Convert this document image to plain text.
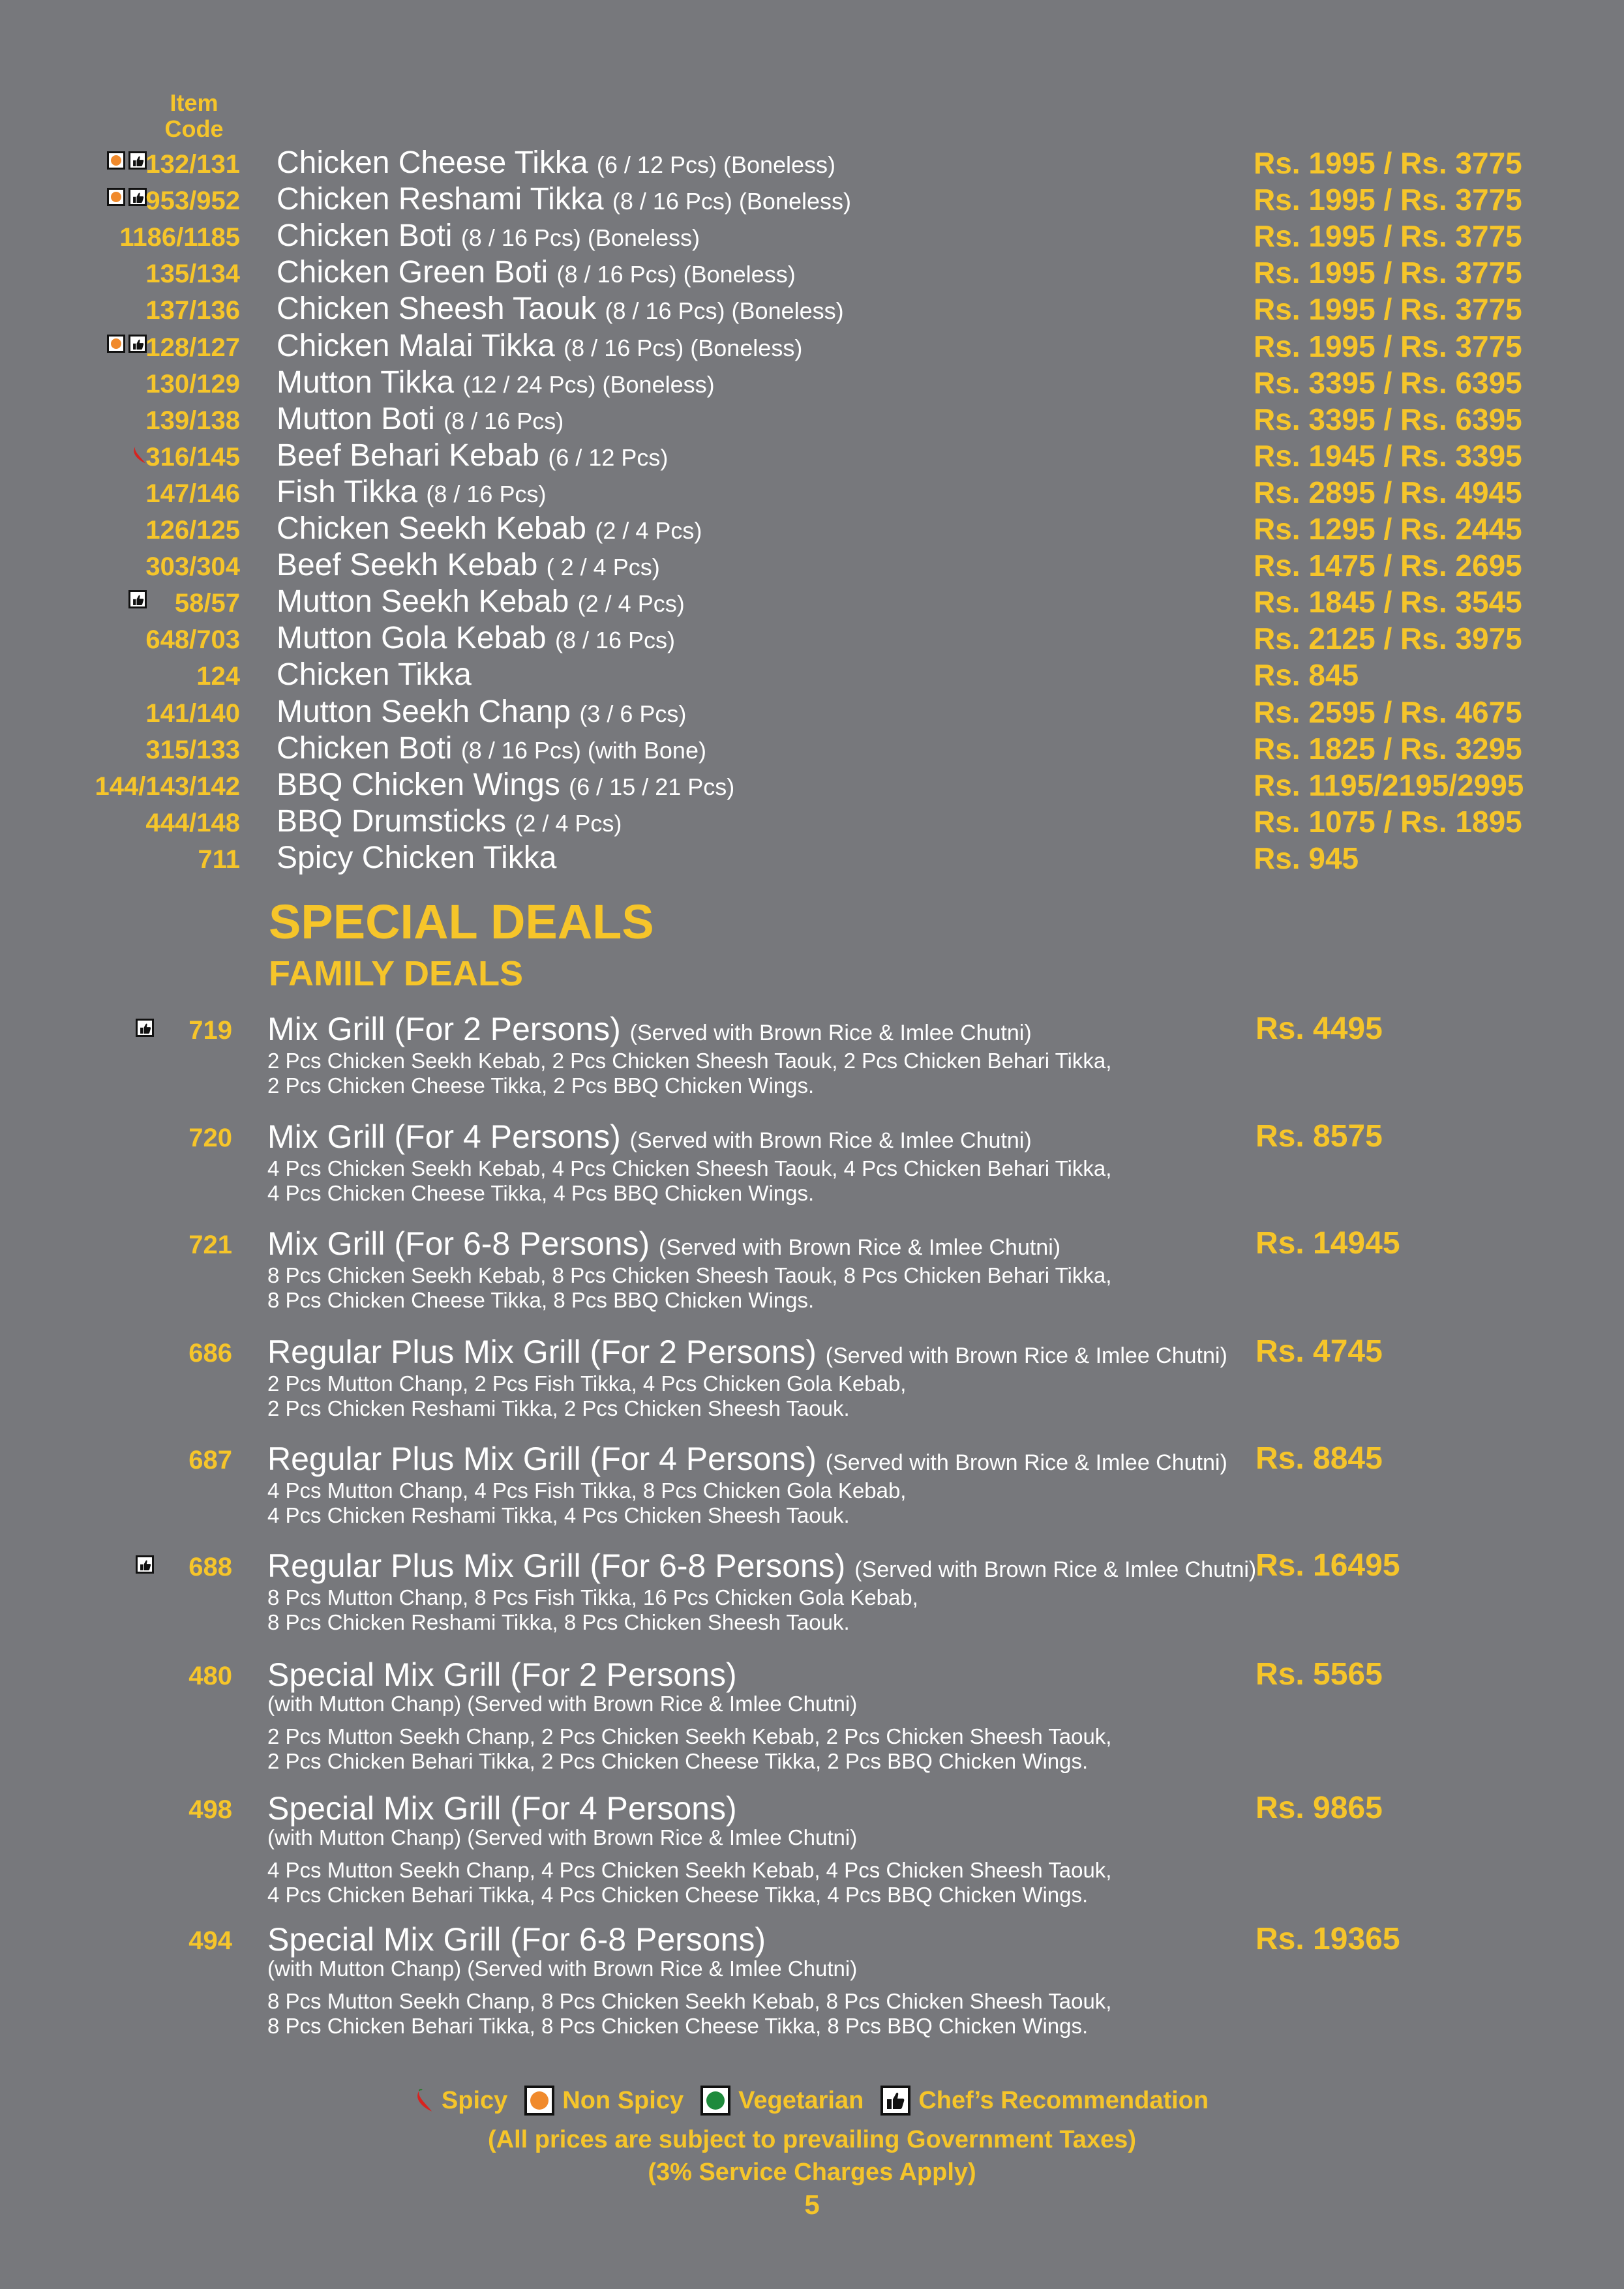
Item Code
132/131 Chicken Cheese Tikka (6 / 12 Pcs) (Boneless)	Rs. 1995 / Rs. 3775
953/952 Chicken Reshami Tikka (8 / 16 Pcs) (Boneless)	Rs. 1995 / Rs. 3775
1186/1185 Chicken Boti (8 / 16 Pcs) (Boneless)	Rs. 1995 / Rs. 3775
135/134 Chicken Green Boti (8 / 16 Pcs) (Boneless)	Rs. 1995 / Rs. 3775
137/136 Chicken Sheesh Taouk (8 / 16 Pcs) (Boneless)	Rs. 1995 / Rs. 3775
128/127 Chicken Malai Tikka (8 / 16 Pcs) (Boneless)	Rs. 1995 / Rs. 3775
130/129 Mutton Tikka (12 / 24 Pcs) (Boneless)	Rs. 3395 / Rs. 6395
139/138 Mutton Boti (8 / 16 Pcs)	Rs. 3395 / Rs. 6395
316/145 Beef Behari Kebab (6 / 12 Pcs)	Rs. 1945 / Rs. 3395
147/146 Fish Tikka (8 / 16 Pcs)	Rs. 2895 / Rs. 4945
126/125 Chicken Seekh Kebab (2 / 4 Pcs)	Rs. 1295 / Rs. 2445
303/304 Beef Seekh Kebab ( 2 / 4 Pcs)	Rs. 1475 / Rs. 2695
58/57 Mutton Seekh Kebab (2 / 4 Pcs)	Rs. 1845 / Rs. 3545
648/703 Mutton Gola Kebab (8 / 16 Pcs)	Rs. 2125 / Rs. 3975
124 Chicken Tikka	Rs. 845
141/140 Mutton Seekh Chanp (3 / 6 Pcs)	Rs. 2595 / Rs. 4675
315/133 Chicken Boti (8 / 16 Pcs) (with Bone)	Rs. 1825 / Rs. 3295
144/143/142 BBQ Chicken Wings (6 / 15 / 21 Pcs)	Rs. 1195/2195/2995
444/148 BBQ Drumsticks (2 / 4 Pcs)	Rs. 1075 / Rs. 1895
711 Spicy Chicken Tikka	Rs. 945
SPECIAL DEALS
FAMILY DEALS
719 Mix Grill (For 2 Persons) (Served with Brown Rice & Imlee Chutni)
2 Pcs Chicken Seekh Kebab, 2 Pcs Chicken Sheesh Taouk, 2 Pcs Chicken Behari Tikka,
2 Pcs Chicken Cheese Tikka, 2 Pcs BBQ Chicken Wings.
Rs. 4495
720 Mix Grill (For 4 Persons) (Served with Brown Rice & Imlee Chutni)
4 Pcs Chicken Seekh Kebab, 4 Pcs Chicken Sheesh Taouk, 4 Pcs Chicken Behari Tikka,
4 Pcs Chicken Cheese Tikka, 4 Pcs BBQ Chicken Wings.
Rs. 8575
721 Mix Grill (For 6-8 Persons) (Served with Brown Rice & Imlee Chutni)
8 Pcs Chicken Seekh Kebab, 8 Pcs Chicken Sheesh Taouk, 8 Pcs Chicken Behari Tikka,
8 Pcs Chicken Cheese Tikka, 8 Pcs BBQ Chicken Wings.
Rs. 14945
686 Regular Plus Mix Grill (For 2 Persons) (Served with Brown Rice & Imlee Chutni)
2 Pcs Mutton Chanp, 2 Pcs Fish Tikka, 4 Pcs Chicken Gola Kebab,
2 Pcs Chicken Reshami Tikka, 2 Pcs Chicken Sheesh Taouk.
Rs. 4745
687 Regular Plus Mix Grill (For 4 Persons) (Served with Brown Rice & Imlee Chutni)
4 Pcs Mutton Chanp, 4 Pcs Fish Tikka, 8 Pcs Chicken Gola Kebab,
4 Pcs Chicken Reshami Tikka, 4 Pcs Chicken Sheesh Taouk.
Rs. 8845
688 Regular Plus Mix Grill (For 6-8 Persons) (Served with Brown Rice & Imlee Chutni)
8 Pcs Mutton Chanp, 8 Pcs Fish Tikka, 16 Pcs Chicken Gola Kebab,
8 Pcs Chicken Reshami Tikka, 8 Pcs Chicken Sheesh Taouk.
Rs. 16495
480 Special Mix Grill (For 2 Persons)
(with Mutton Chanp) (Served with Brown Rice & Imlee Chutni)
2 Pcs Mutton Seekh Chanp, 2 Pcs Chicken Seekh Kebab, 2 Pcs Chicken Sheesh Taouk,
2 Pcs Chicken Behari Tikka, 2 Pcs Chicken Cheese Tikka, 2 Pcs BBQ Chicken Wings.
Rs. 5565
498 Special Mix Grill (For 4 Persons)
(with Mutton Chanp) (Served with Brown Rice & Imlee Chutni)
4 Pcs Mutton Seekh Chanp, 4 Pcs Chicken Seekh Kebab, 4 Pcs Chicken Sheesh Taouk,
4 Pcs Chicken Behari Tikka, 4 Pcs Chicken Cheese Tikka, 4 Pcs BBQ Chicken Wings.
Rs. 9865
494 Special Mix Grill (For 6-8 Persons)
(with Mutton Chanp) (Served with Brown Rice & Imlee Chutni)
8 Pcs Mutton Seekh Chanp, 8 Pcs Chicken Seekh Kebab, 8 Pcs Chicken Sheesh Taouk,
8 Pcs Chicken Behari Tikka, 8 Pcs Chicken Cheese Tikka, 8 Pcs BBQ Chicken Wings.
Rs. 19365
Spicy Non Spicy Vegetarian Chef’s Recommendation
(All prices are subject to prevailing Government Taxes)
(3% Service Charges Apply)
5
